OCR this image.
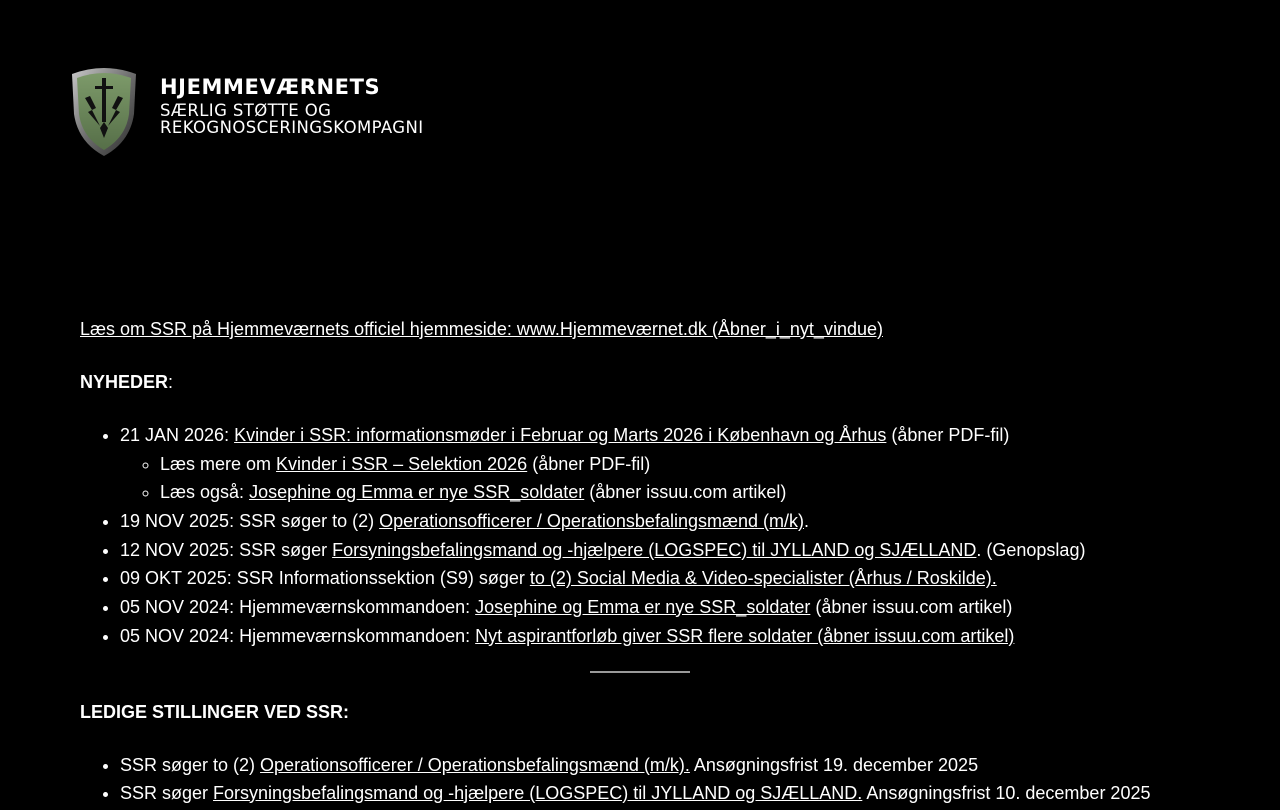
HJEMMEVÆRNETS
SÆRLIG STØTTE OG
REKOGNOSCERINGSKOMPAGNI

Læs om SSR på Hjemmeværnets officiel hjemmeside: www.Hjemmeværnet.dk (Åbner_i_nyt_vindue)

NYHEDER:

• 21 JAN 2026: Kvinder i SSR: informationsmøder i Februar og Marts 2026 i København og Århus (åbner PDF-fil)
◦ Læs mere om Kvinder i SSR – Selektion 2026 (åbner PDF-fil)
◦ Læs også: Josephine og Emma er nye SSR_soldater (åbner issuu.com artikel)
• 19 NOV 2025: SSR søger to (2) Operationsofficerer / Operationsbefalingsmænd (m/k).
• 12 NOV 2025: SSR søger Forsyningsbefalingsmand og -hjælpere (LOGSPEC) til JYLLAND og SJÆLLAND. (Genopslag)
• 09 OKT 2025: SSR Informationssektion (S9) søger to (2) Social Media & Video-specialister (Århus / Roskilde).
• 05 NOV 2024: Hjemmeværnskommandoen: Josephine og Emma er nye SSR_soldater (åbner issuu.com artikel)
• 05 NOV 2024: Hjemmeværnskommandoen: Nyt aspirantforløb giver SSR flere soldater (åbner issuu.com artikel)

LEDIGE STILLINGER VED SSR:

• SSR søger to (2) Operationsofficerer / Operationsbefalingsmænd (m/k). Ansøgningsfrist 19. december 2025
• SSR søger Forsyningsbefalingsmand og -hjælpere (LOGSPEC) til JYLLAND og SJÆLLAND. Ansøgningsfrist 10. december 2025
